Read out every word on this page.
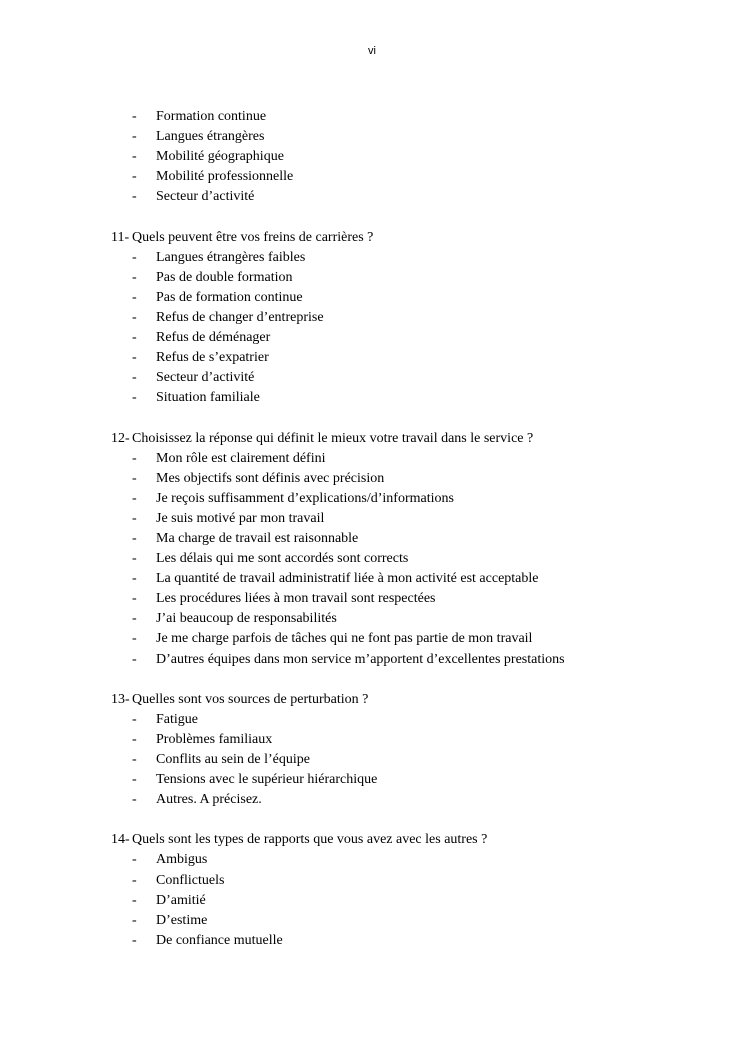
vi
- Formation continue
- Langues étrangères
- Mobilité géographique
- Mobilité professionnelle
- Secteur d’activité
11- Quels peuvent être vos freins de carrières ?
- Langues étrangères faibles
- Pas de double formation
- Pas de formation continue
- Refus de changer d’entreprise
- Refus de déménager
- Refus de s’expatrier
- Secteur d’activité
- Situation familiale
12- Choisissez la réponse qui définit le mieux votre travail dans le service ?
- Mon rôle est clairement défini
- Mes objectifs sont définis avec précision
- Je reçois suffisamment d’explications/d’informations
- Je suis motivé par mon travail
- Ma charge de travail est raisonnable
- Les délais qui me sont accordés sont corrects
- La quantité de travail administratif liée à mon activité est acceptable
- Les procédures liées à mon travail sont respectées
- J’ai beaucoup de responsabilités
- Je me charge parfois de tâches qui ne font pas partie de mon travail
- D’autres équipes dans mon service m’apportent d’excellentes prestations
13- Quelles sont vos sources de perturbation ?
- Fatigue
- Problèmes familiaux
- Conflits au sein de l’équipe
- Tensions avec le supérieur hiérarchique
- Autres. A précisez.
14- Quels sont les types de rapports que vous avez avec les autres ?
- Ambigus
- Conflictuels
- D’amitié
- D’estime
- De confiance mutuelle
